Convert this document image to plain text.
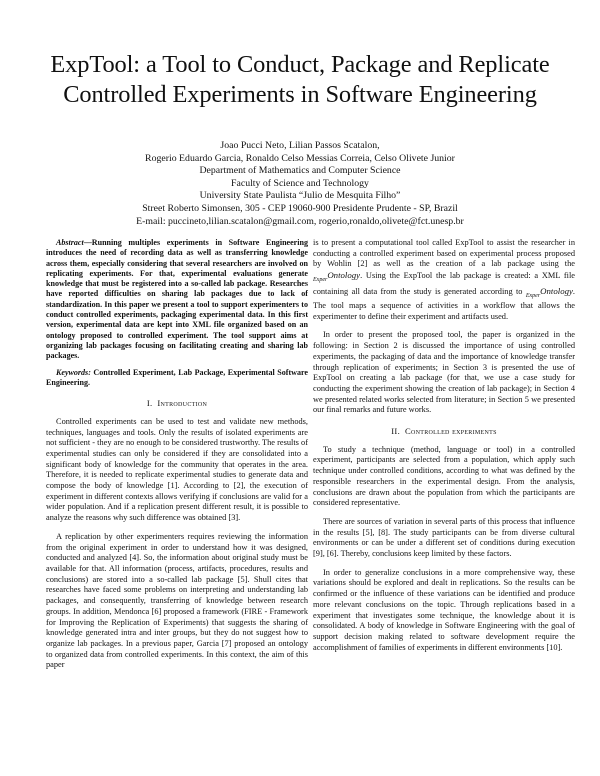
ExpTool: a Tool to Conduct, Package and Replicate
Controlled Experiments in Software Engineering
Joao Pucci Neto, Lilian Passos Scatalon,
Rogerio Eduardo Garcia, Ronaldo Celso Messias Correia, Celso Olivete Junior
Department of Mathematics and Computer Science
Faculty of Science and Technology
University State Paulista “Julio de Mesquita Filho”
Street Roberto Simonsen, 305 - CEP 19060-900 Presidente Prudente - SP, Brazil
E-mail: pucci​neto,lilian.scatalon@gmail.com, rogerio,ronaldo,olivete@fct.unesp.br

Abstract—Running multiples experiments in Software Engineering introduces the need of recording data as well as transferring knowledge across them, especially considering that several researchers are involved on replicating experiments. For that, experimental evaluations generate knowledge that must be registered into a so-called lab package. Researches have reported difficulties on sharing lab packages due to lack of standardization. In this paper we present a tool to support experimenters to conduct controlled experiments, packaging experimental data. In this first version, experimental data are kept into XML file organized based on an ontology proposed to controlled experiment. The tool support aims at organizing lab packages focusing on facilitating creating and sharing lab packages.

Keywords: Controlled Experiment, Lab Package, Experimental Software Engineering.

I. Introduction

Controlled experiments can be used to test and validate new methods, techniques, languages and tools. Only the results of isolated experiments are not sufficient - they are no enough to be considered trustworthy. The results of experimental studies can only be considered if they are consolidated into a significant body of knowledge for the community that operates in the area. Therefore, it is needed to replicate experimental studies to generate data and compose the body of knowledge [1]. According to [2], the execution of experiment in different contexts allows verifying if conclusions are valid for a wider population. And if a replication present different result, it is possible to analyze the reasons why such difference was obtained [3].

A replication by other experimenters requires reviewing the information from the original experiment in order to understand how it was designed, conducted and analyzed [4]. So, the information about original study must be available for that. All information (process, artifacts, procedures, results and conclusions) are stored into a so-called lab package [5]. Shull cites that researches have faced some problems on interpreting and understanding lab packages, and consequently, transferring of knowledge between research groups. In addition, Mendonca [6] proposed a framework (FIRE - Framework for Improving the Replication of Experiments) that suggests the sharing of knowledge generated intra and inter groups, but they do not suggest how to organize lab packages. In a previous paper, Garcia [7] proposed an ontology to organized data from controlled experiments. In this context, the aim of this paper

is to present a computational tool called ExpTool to assist the researcher in conducting a controlled experiment based on experimental process proposed by Wohlin [2] as well as the creation of a lab package using the $_{Exper}$Ontology. Using the ExpTool the lab package is created: a XML file containing all data from the study is generated according to $_{Exper}$Ontology. The tool maps a sequence of activities in a workflow that allows the experimenter to define their experiment and artifacts used.

In order to present the proposed tool, the paper is organized in the following: in Section 2 is discussed the importance of using controlled experiments, the packaging of data and the importance of knowledge transfer through replication of experiments; in Section 3 is presented the use of ExpTool on creating a lab package (for that, we use a case study for conducting the experiment showing the creation of lab package); in Section 4 we presented related works selected from literature; in Section 5 we presented our final remarks and future works.

II. Controlled experiments

To study a technique (method, language or tool) in a controlled experiment, participants are selected from a population, which apply such technique under controlled conditions, according to what was defined by the responsible researchers in the experimental design. From the analysis, conclusions are drawn about the population from which the participants are considered representative.

There are sources of variation in several parts of this process that influence in the results [5], [8]. The study participants can be from diverse cultural environments or can be under a different set of conditions during execution [9], [6]. Thereby, conclusions keep limited by these factors.

In order to generalize conclusions in a more comprehensive way, these variations should be explored and dealt in replications. So the results can be confirmed or the influence of these variations can be identified and produce more relevant conclusions on the topic. Through replications based in a experiment that investigates some technique, the knowledge about it is consolidated. A body of knowledge in Software Engineering with the goal of support decision making related to software development require the accomplishment of families of experiments in different environments [10].
